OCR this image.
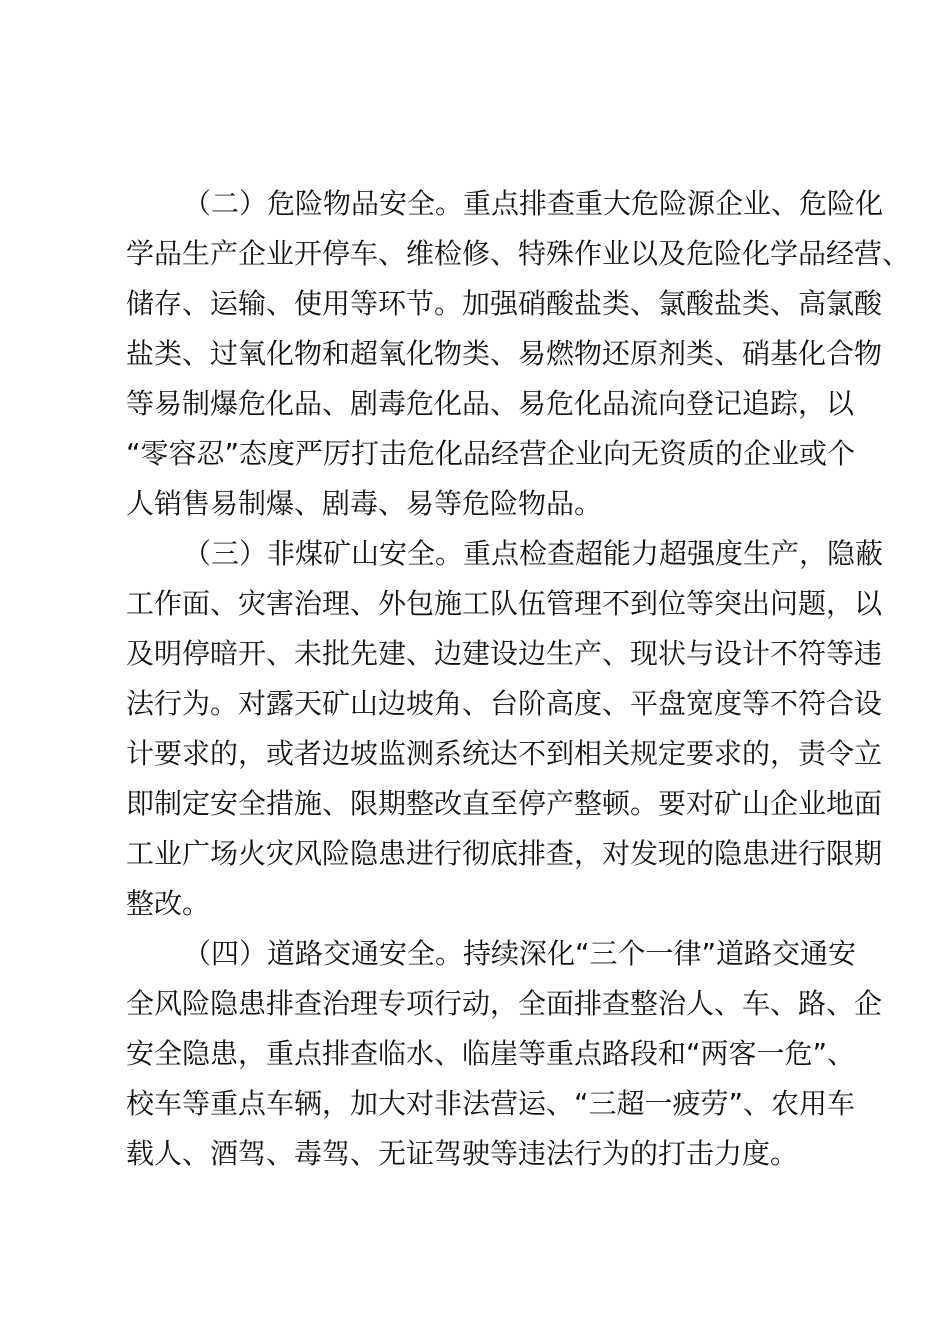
（二）危险物品安全。重点排查重大危险源企业、危险化
学品生产企业开停车、维检修、特殊作业以及危险化学品经营、
储存、运输、使用等环节。加强硝酸盐类、氯酸盐类、高氯酸
盐类、过氧化物和超氧化物类、易燃物还原剂类、硝基化合物
等易制爆危化品、剧毒危化品、易危化品流向登记追踪，以
“零容忍”态度严厉打击危化品经营企业向无资质的企业或个
人销售易制爆、剧毒、易等危险物品。
（三）非煤矿山安全。重点检查超能力超强度生产，隐蔽
工作面、灾害治理、外包施工队伍管理不到位等突出问题，以
及明停暗开、未批先建、边建设边生产、现状与设计不符等违
法行为。对露天矿山边坡角、台阶高度、平盘宽度等不符合设
计要求的，或者边坡监测系统达不到相关规定要求的，责令立
即制定安全措施、限期整改直至停产整顿。要对矿山企业地面
工业广场火灾风险隐患进行彻底排查，对发现的隐患进行限期
整改。
（四）道路交通安全。持续深化“三个一律”道路交通安
全风险隐患排查治理专项行动，全面排查整治人、车、路、企
安全隐患，重点排查临水、临崖等重点路段和“两客一危”、
校车等重点车辆，加大对非法营运、“三超一疲劳”、农用车
载人、酒驾、毒驾、无证驾驶等违法行为的打击力度。
